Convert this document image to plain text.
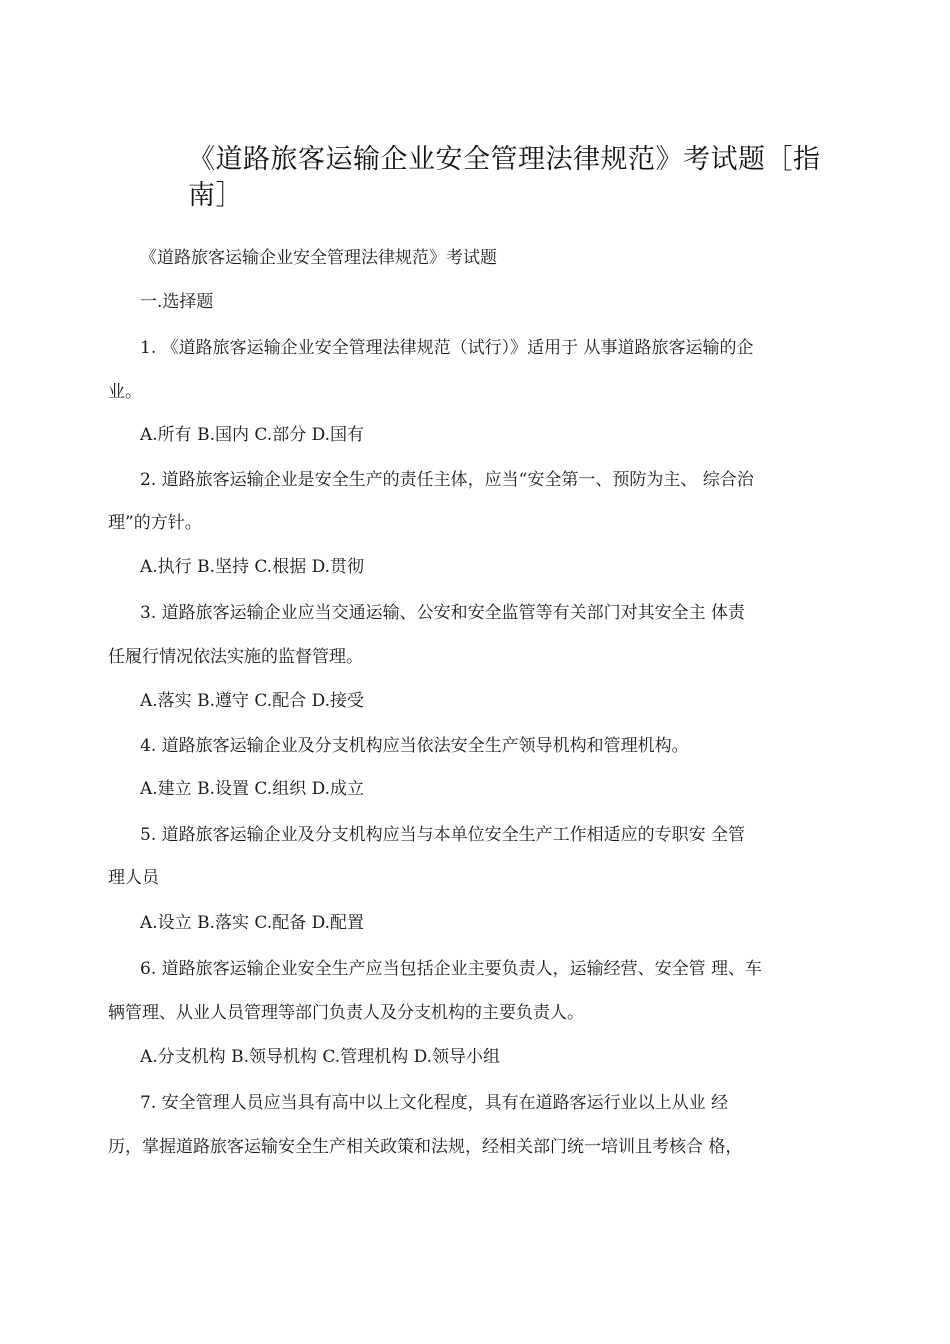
《道路旅客运输企业安全管理法律规范》考试题［指
南］
《道路旅客运输企业安全管理法律规范》考试题
一.选择题
1. 《道路旅客运输企业安全管理法律规范（试行）》适用于 从事道路旅客运输的企
业。
A.所有 B.国内 C.部分 D.国有
2. 道路旅客运输企业是安全生产的责任主体，应当“安全第一、预防为主、 综合治
理”的方针。
A.执行 B.坚持 C.根据 D.贯彻
3. 道路旅客运输企业应当交通运输、公安和安全监管等有关部门对其安全主 体责
任履行情况依法实施的监督管理。
A.落实 B.遵守 C.配合 D.接受
4. 道路旅客运输企业及分支机构应当依法安全生产领导机构和管理机构。
A.建立 B.设置 C.组织 D.成立
5. 道路旅客运输企业及分支机构应当与本单位安全生产工作相适应的专职安 全管
理人员
A.设立 B.落实 C.配备 D.配置
6. 道路旅客运输企业安全生产应当包括企业主要负责人，运输经营、安全管 理、车
辆管理、从业人员管理等部门负责人及分支机构的主要负责人。
A.分支机构 B.领导机构 C.管理机构 D.领导小组
7. 安全管理人员应当具有高中以上文化程度，具有在道路客运行业以上从业 经
历，掌握道路旅客运输安全生产相关政策和法规，经相关部门统一培训且考核合 格，
